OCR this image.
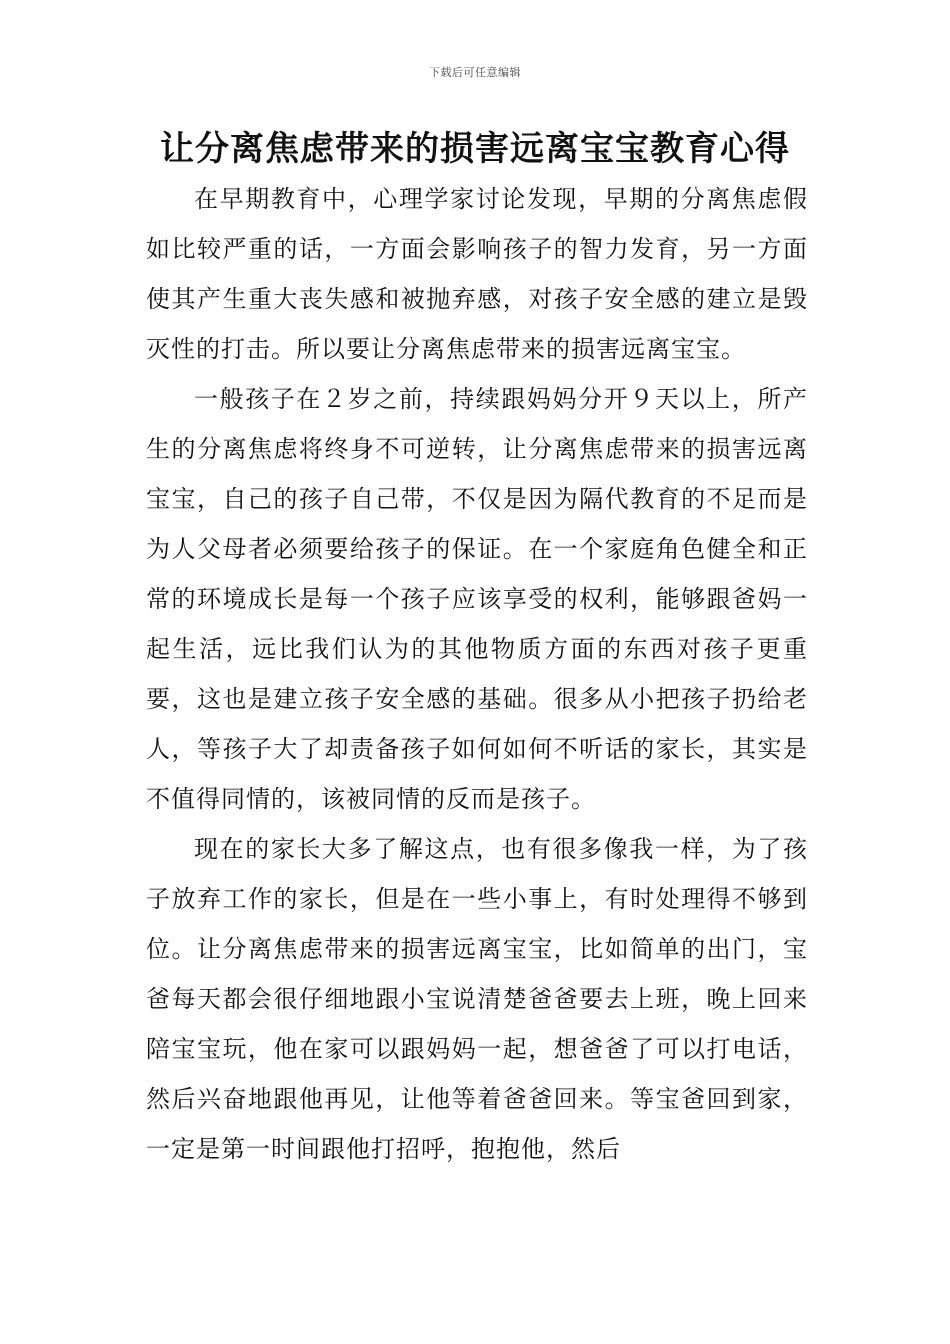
下载后可任意编辑
让分离焦虑带来的损害远离宝宝教育心得

在早期教育中，心理学家讨论发现，早期的分离焦虑假如比较严重的话，一方面会影响孩子的智力发育，另一方面使其产生重大丧失感和被抛弃感，对孩子安全感的建立是毁灭性的打击。所以要让分离焦虑带来的损害远离宝宝。

一般孩子在２岁之前，持续跟妈妈分开９天以上，所产生的分离焦虑将终身不可逆转，让分离焦虑带来的损害远离宝宝，自己的孩子自己带，不仅是因为隔代教育的不足而是为人父母者必须要给孩子的保证。在一个家庭角色健全和正常的环境成长是每一个孩子应该享受的权利，能够跟爸妈一起生活，远比我们认为的其他物质方面的东西对孩子更重要，这也是建立孩子安全感的基础。很多从小把孩子扔给老人，等孩子大了却责备孩子如何如何不听话的家长，其实是不值得同情的，该被同情的反而是孩子。

现在的家长大多了解这点，也有很多像我一样，为了孩子放弃工作的家长，但是在一些小事上，有时处理得不够到位。让分离焦虑带来的损害远离宝宝，比如简单的出门，宝爸每天都会很仔细地跟小宝说清楚爸爸要去上班，晚上回来陪宝宝玩，他在家可以跟妈妈一起，想爸爸了可以打电话，然后兴奋地跟他再见，让他等着爸爸回来。等宝爸回到家，一定是第一时间跟他打招呼，抱抱他，然后
